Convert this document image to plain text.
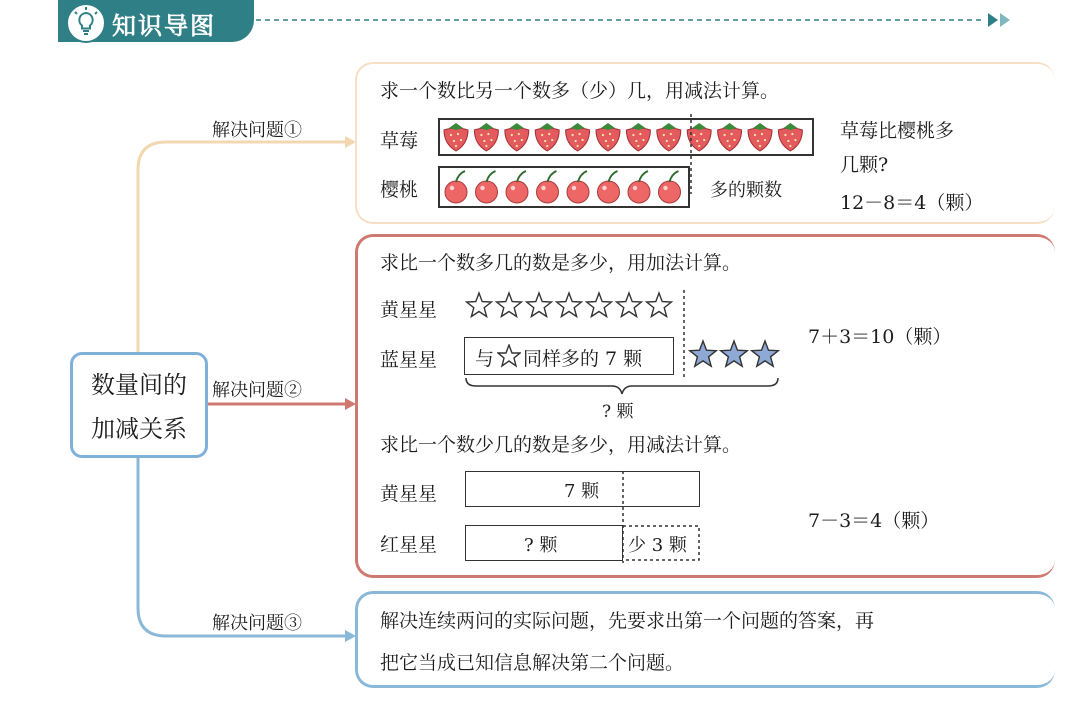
知识导图
数量间的
加减关系
解决问题①
解决问题②
解决问题③
求一个数比另一个数多（少）几，用减法计算。
草莓
樱桃	多的颗数
草莓比樱桃多
几颗?
12－8＝4（颗）
求比一个数多几的数是多少，用加法计算。
黄星星
蓝星星 与 同样多的 7 颗
? 颗
7＋3＝10（颗）
求比一个数少几的数是多少，用减法计算。
黄星星	7 颗
红星星	? 颗	少 3 颗
7－3＝4（颗）
解决连续两问的实际问题，先要求出第一个问题的答案，再
把它当成已知信息解决第二个问题。
